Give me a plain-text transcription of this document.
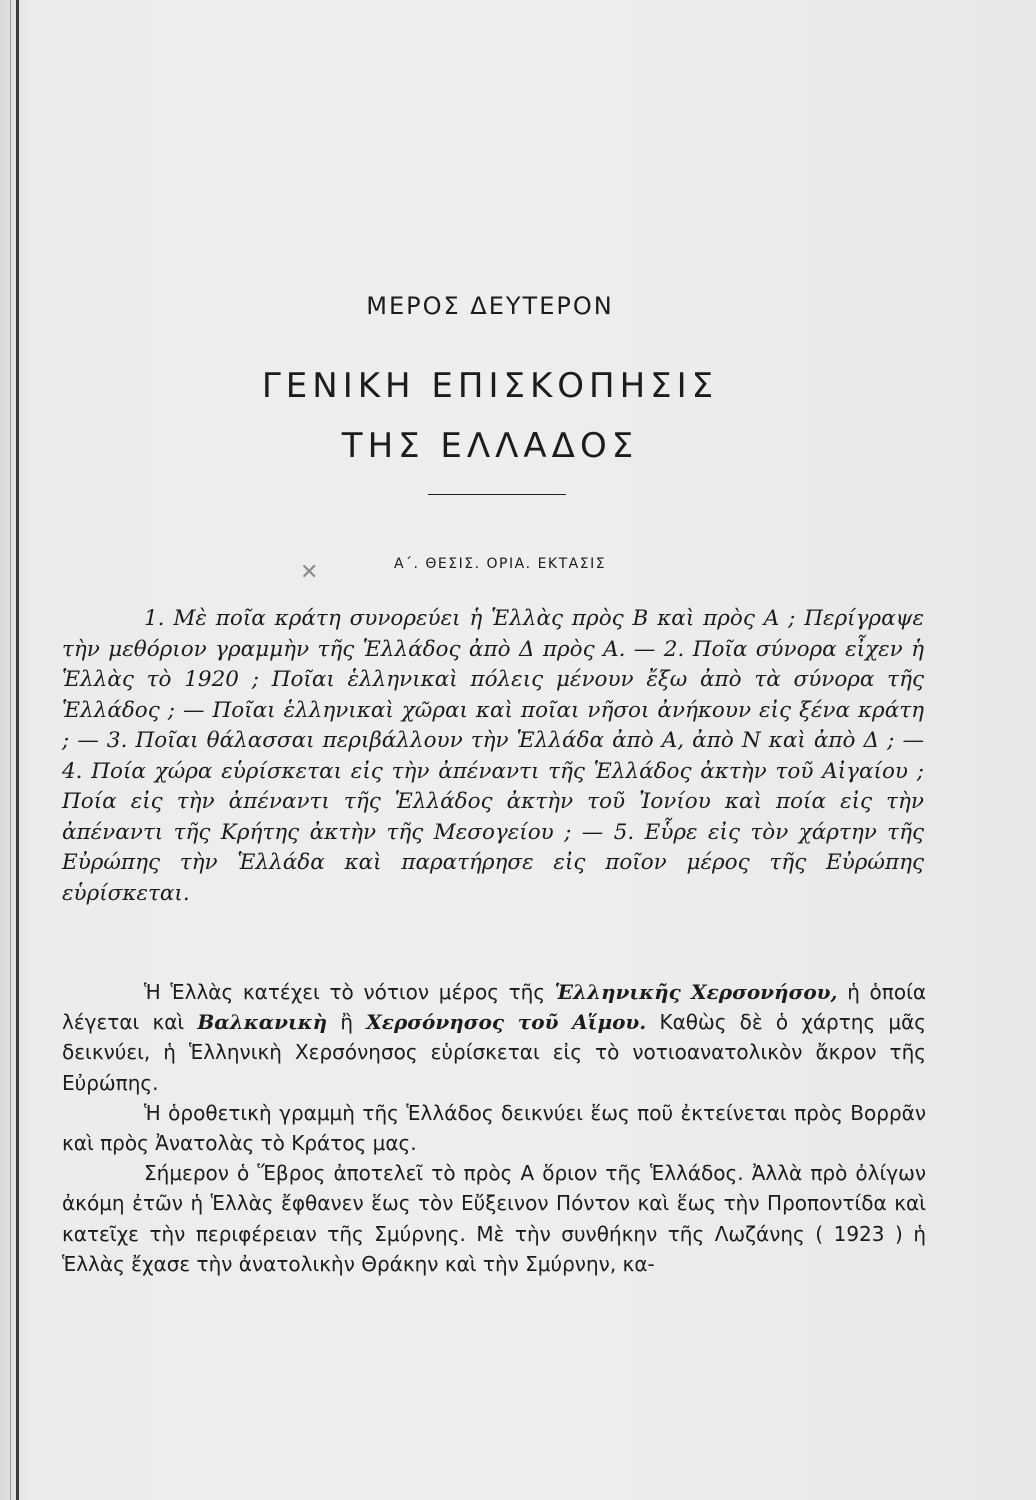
ΜΕΡΟΣ ΔΕΥΤΕΡΟΝ
ΓΕΝΙΚΗ ΕΠΙΣΚΟΠΗΣΙΣ
ΤΗΣ ΕΛΛΑΔΟΣ
✕	Α΄. ΘΕΣΙΣ. ΟΡΙΑ. ΕΚΤΑΣΙΣ

1. Μὲ ποῖα κράτη συνορεύει ἡ Ἑλλὰς πρὸς Β καὶ πρὸς Α ; Περίγραψε τὴν μεθόριον γραμμὴν τῆς Ἑλλάδος ἀπὸ Δ πρὸς Α. — 2. Ποῖα σύνορα εἶχεν ἡ Ἑλλὰς τὸ 1920 ; Ποῖαι ἑλληνικαὶ πόλεις μένουν ἔξω ἀπὸ τὰ σύνορα τῆς Ἑλλάδος ; — Ποῖαι ἑλληνικαὶ χῶραι καὶ ποῖαι νῆσοι ἀνήκουν εἰς ξένα κράτη ; — 3. Ποῖαι θάλασσαι περιβάλλουν τὴν Ἑλλάδα ἀπὸ Α, ἀπὸ Ν καὶ ἀπὸ Δ ; — 4. Ποία χώρα εὑρίσκεται εἰς τὴν ἀπέναντι τῆς Ἑλλάδος ἀκτὴν τοῦ Αἰγαίου ; Ποία εἰς τὴν ἀπέναντι τῆς Ἑλλάδος ἀκτὴν τοῦ Ἰονίου καὶ ποία εἰς τὴν ἀπέναντι τῆς Κρήτης ἀκτὴν τῆς Μεσογείου ; — 5. Εὗρε εἰς τὸν χάρτην τῆς Εὐρώπης τὴν Ἑλλάδα καὶ παρατήρησε εἰς ποῖον μέρος τῆς Εὐρώπης εὑρίσκεται.

Ἡ Ἑλλὰς κατέχει τὸ νότιον μέρος τῆς Ἑλληνικῆς Χερσονήσου, ἡ ὁποία λέγεται καὶ Βαλκανικὴ ἢ Χερσόνησος τοῦ Αἵμου. Καθὼς δὲ ὁ χάρτης μᾶς δεικνύει, ἡ Ἑλληνικὴ Χερσόνησος εὑρίσκεται εἰς τὸ νοτιοανατολικὸν ἄκρον τῆς Εὐρώπης.

Ἡ ὁροθετικὴ γραμμὴ τῆς Ἑλλάδος δεικνύει ἕως ποῦ ἐκτείνεται πρὸς Βορρᾶν καὶ πρὸς Ἀνατολὰς τὸ Κράτος μας.

Σήμερον ὁ Ἕβρος ἀποτελεῖ τὸ πρὸς Α ὅριον τῆς Ἑλλάδος. Ἀλλὰ πρὸ ὀλίγων ἀκόμη ἐτῶν ἡ Ἑλλὰς ἔφθανεν ἕως τὸν Εὔξεινον Πόντον καὶ ἕως τὴν Προποντίδα καὶ κατεῖχε τὴν περιφέρειαν τῆς Σμύρνης. Μὲ τὴν συνθήκην τῆς Λωζάνης ( 1923 ) ἡ Ἑλλὰς ἔχασε τὴν ἀνατολικὴν Θράκην καὶ τὴν Σμύρνην, κα-
